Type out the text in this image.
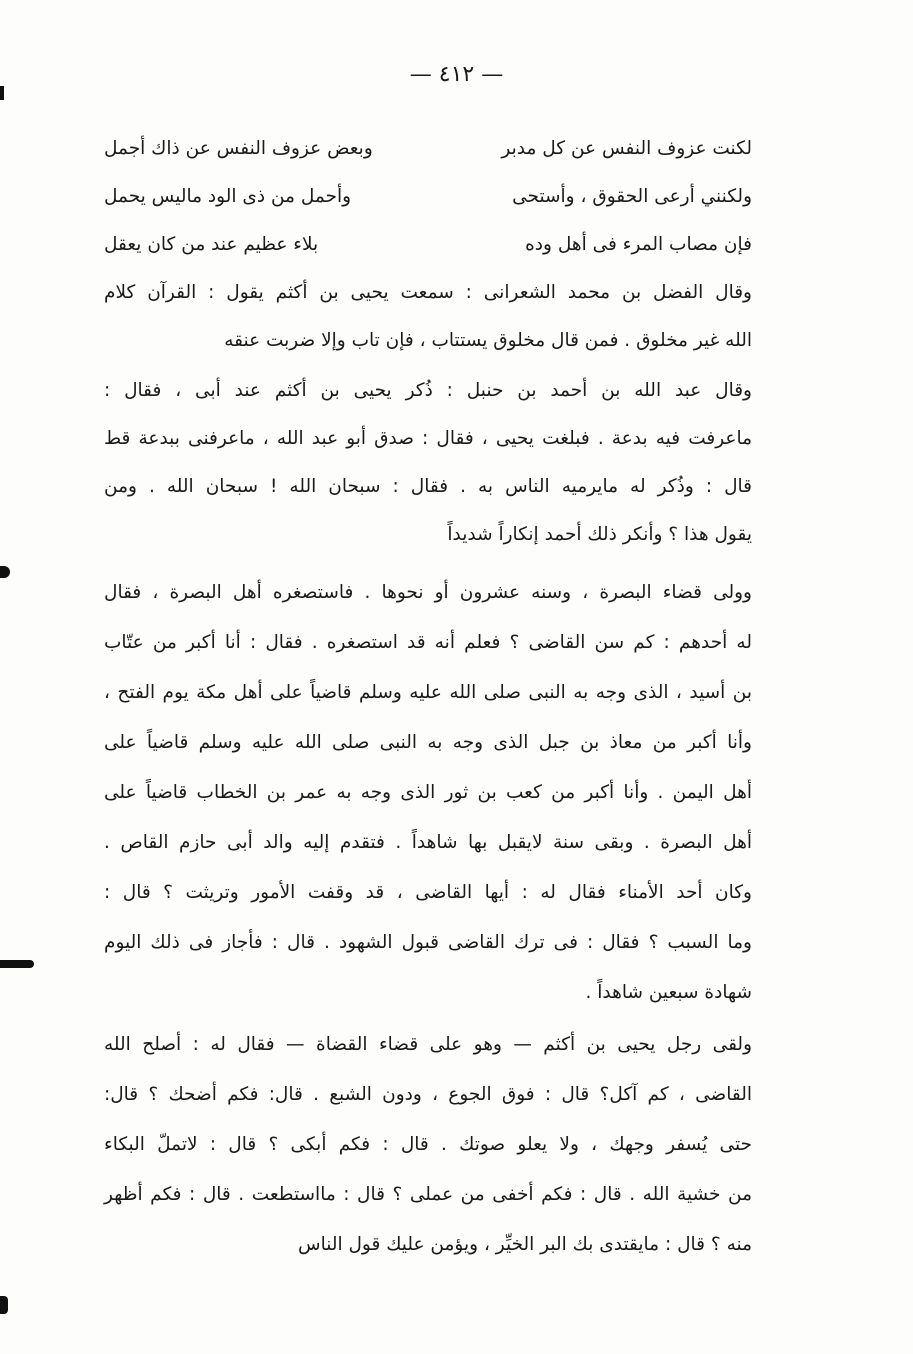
— ٤١٢ —
لكنت عزوف النفس عن كل مدبر
وبعض عزوف النفس عن ذاك أجمل
ولكنني أرعى الحقوق ، وأستحى
وأحمل من ذى الود ماليس يحمل
فإن مصاب المرء فى أهل وده
بلاء عظيم عند من كان يعقل
وقال الفضل بن محمد الشعرانى : سمعت يحيى بن أكثم يقول : القرآن كلام
الله غير مخلوق . فمن قال مخلوق يستتاب ، فإن تاب وإلا ضربت عنقه
وقال عبد الله بن أحمد بن حنبل : ذُكر يحيى بن أكثم عند أبى ، فقال :
ماعرفت فيه بدعة . فبلغت يحيى ، فقال : صدق أبو عبد الله ، ماعرفنى ببدعة قط
قال : وذُكر له مايرميه الناس به . فقال : سبحان الله ! سبحان الله . ومن
يقول هذا ؟ وأنكر ذلك أحمد إنكاراً شديداً
وولى قضاء البصرة ، وسنه عشرون أو نحوها . فاستصغره أهل البصرة ، فقال
له أحدهم : كم سن القاضى ؟ فعلم أنه قد استصغره . فقال : أنا أكبر من عتّاب
بن أسيد ، الذى وجه به النبى صلى الله عليه وسلم قاضياً على أهل مكة يوم الفتح ،
وأنا أكبر من معاذ بن جبل الذى وجه به النبى صلى الله عليه وسلم قاضياً على
أهل اليمن . وأنا أكبر من كعب بن ثور الذى وجه به عمر بن الخطاب قاضياً على
أهل البصرة . وبقى سنة لايقبل بها شاهداً . فتقدم إليه والد أبى حازم القاص .
وكان أحد الأمناء فقال له : أيها القاضى ، قد وقفت الأمور وتريثت ؟ قال :
وما السبب ؟ فقال : فى ترك القاضى قبول الشهود . قال : فأجاز فى ذلك اليوم
شهادة سبعين شاهداً .
ولقى رجل يحيى بن أكثم — وهو على قضاء القضاة — فقال له : أصلح الله
القاضى ، كم آكل؟ قال : فوق الجوع ، ودون الشبع . قال: فكم أضحك ؟ قال:
حتى يُسفر وجهك ، ولا يعلو صوتك . قال : فكم أبكى ؟ قال : لاتملّ البكاء
من خشية الله . قال : فكم أخفى من عملى ؟ قال : مااستطعت . قال : فكم أظهر
منه ؟ قال : مايقتدى بك البر الخيِّر ، ويؤمن عليك قول الناس
